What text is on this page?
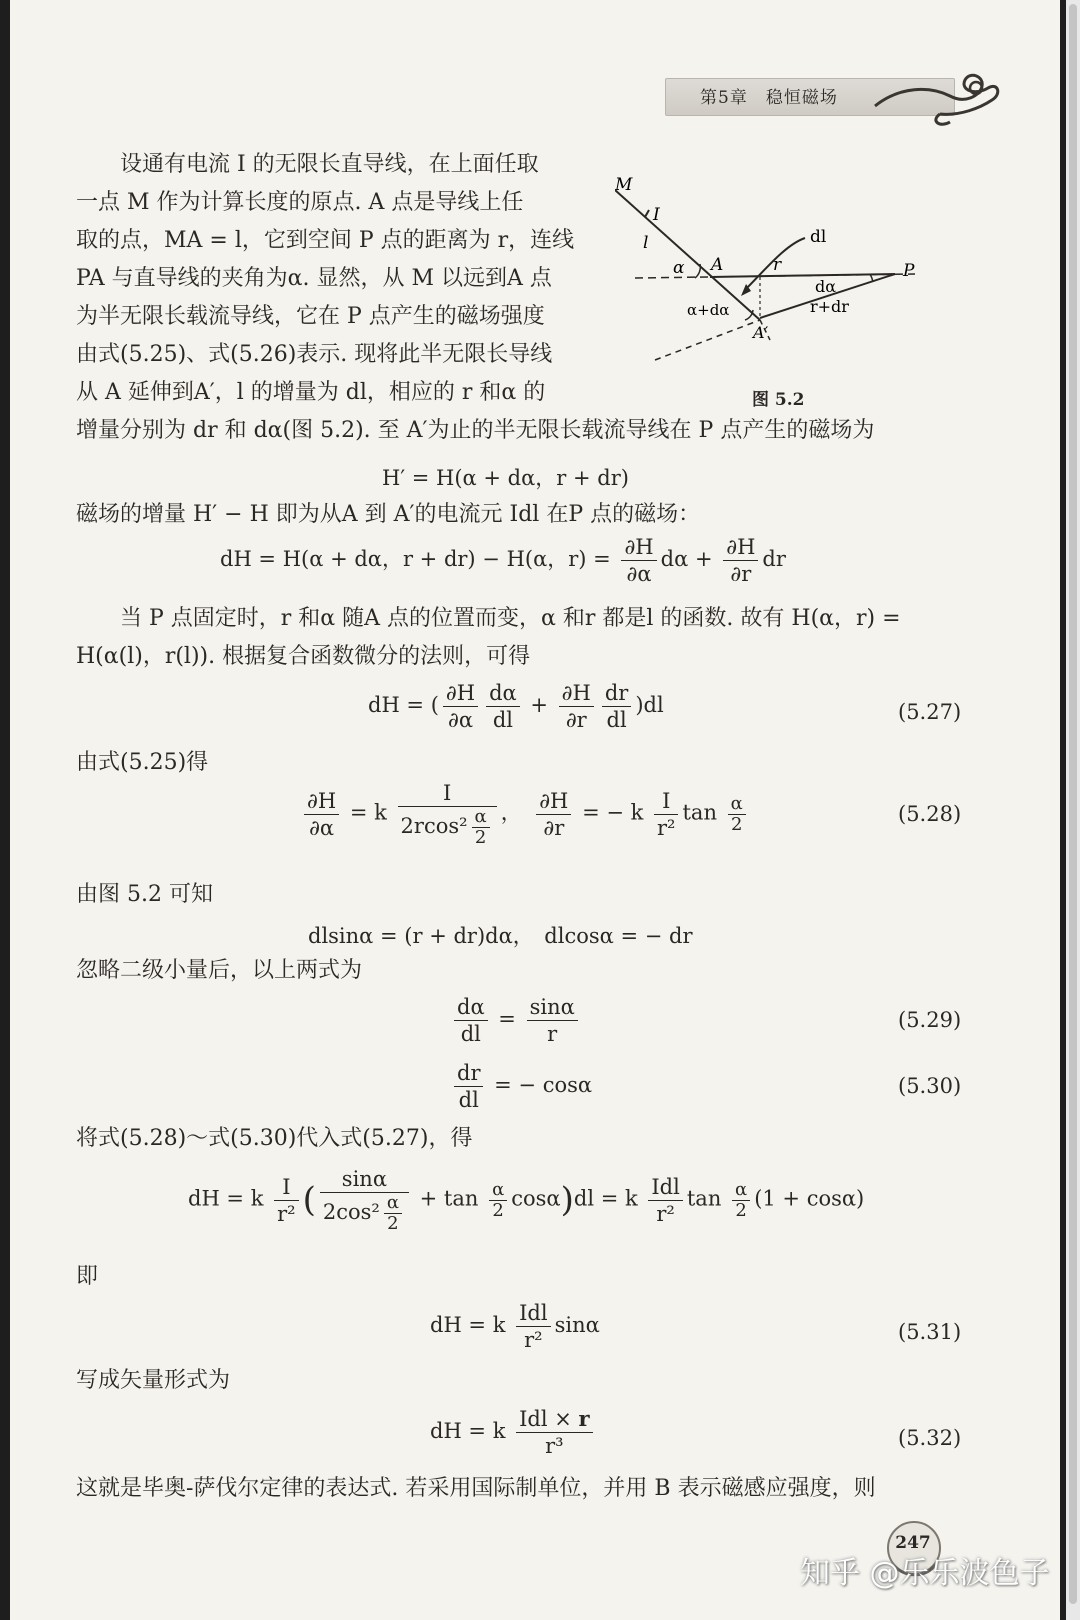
第5章　稳恒磁场
设通有电流 I 的无限长直导线，在上面任取
一点 M 作为计算长度的原点. A 点是导线上任
取的点，MA = l，它到空间 P 点的距离为 r，连线
PA 与直导线的夹角为α. 显然，从 M 以远到A 点
为半无限长载流导线，它在 P 点产生的磁场强度
由式(5.25)、式(5.26)表示. 现将此半无限长导线
从 A 延伸到A′，l 的增量为 dl，相应的 r 和α 的
增量分别为 dr 和 dα(图 5.2). 至 A′为止的半无限长载流导线在 P 点产生的磁场为
M
I
l	dl
α A	r	P
dα
α+dα	r+dr
A′
图 5.2
H′ = H(α + dα，r + dr)
磁场的增量 H′ − H 即为从A 到 A′的电流元 Idl 在P 点的磁场：
dH = H(α + dα，r + dr) − H(α，$r) = \frac{\partial H}{\partial\alpha}$ $d\alpha + \frac{\partial H}{\partial r}$ dr
当 P 点固定时，r 和α 随A 点的位置而变，α 和r 都是l 的函数. 故有 H(α，r) =
H(α(l)，r(l)). 根据复合函数微分的法则，可得
dH = ( $\frac{\partial H}{\partial\alpha} \frac{d\alpha}{dl} + \frac{\partial H}{\partial r} \frac{dr}{dl} )dl$	(5.27)
由式(5.25)得
$\frac{\partial H}{\partial\alpha} = k \frac{I}{2rcos^2 \frac{\alpha}{2}}$ ，　 $\frac{\partial H}{\partial r}$ = − k $\frac{I}{\text{r²}}$ $\tan \frac{\alpha}{2}$	(5.28)
由图 5.2 可知
dlsinα = (r + dr)dα，　dlcosα = − dr
忽略二级小量后，以上两式为
$\frac{d\alpha}{dl} = \frac{\sin\alpha}{r}$	(5.29)
$\frac{dr}{dl}$ = − cosα	(5.30)
将式(5.28)～式(5.30)代入式(5.27)，得
dH = k $\frac{I}{\text{r²}}$ ( $\frac{\sin\alpha}{2\cos^2 \frac{\alpha}{2}} + \tan \frac{\alpha}{2} \cos\alpha)dl = k \frac{\text{Idl}}{\text{r²}}$ $\tan \frac{\alpha}{2} (1 + \cos\alpha)$
即
dH = k $\frac{\text{Idl}}{\text{r²}}$ sinα	(5.31)
写成矢量形式为
dH = k $\frac{\text{Idl × r}}{\text{r³}}$	(5.32)
这就是毕奥-萨伐尔定律的表达式. 若采用国际制单位，并用 B 表示磁感应强度，则
247
知乎 @乐乐波色子
